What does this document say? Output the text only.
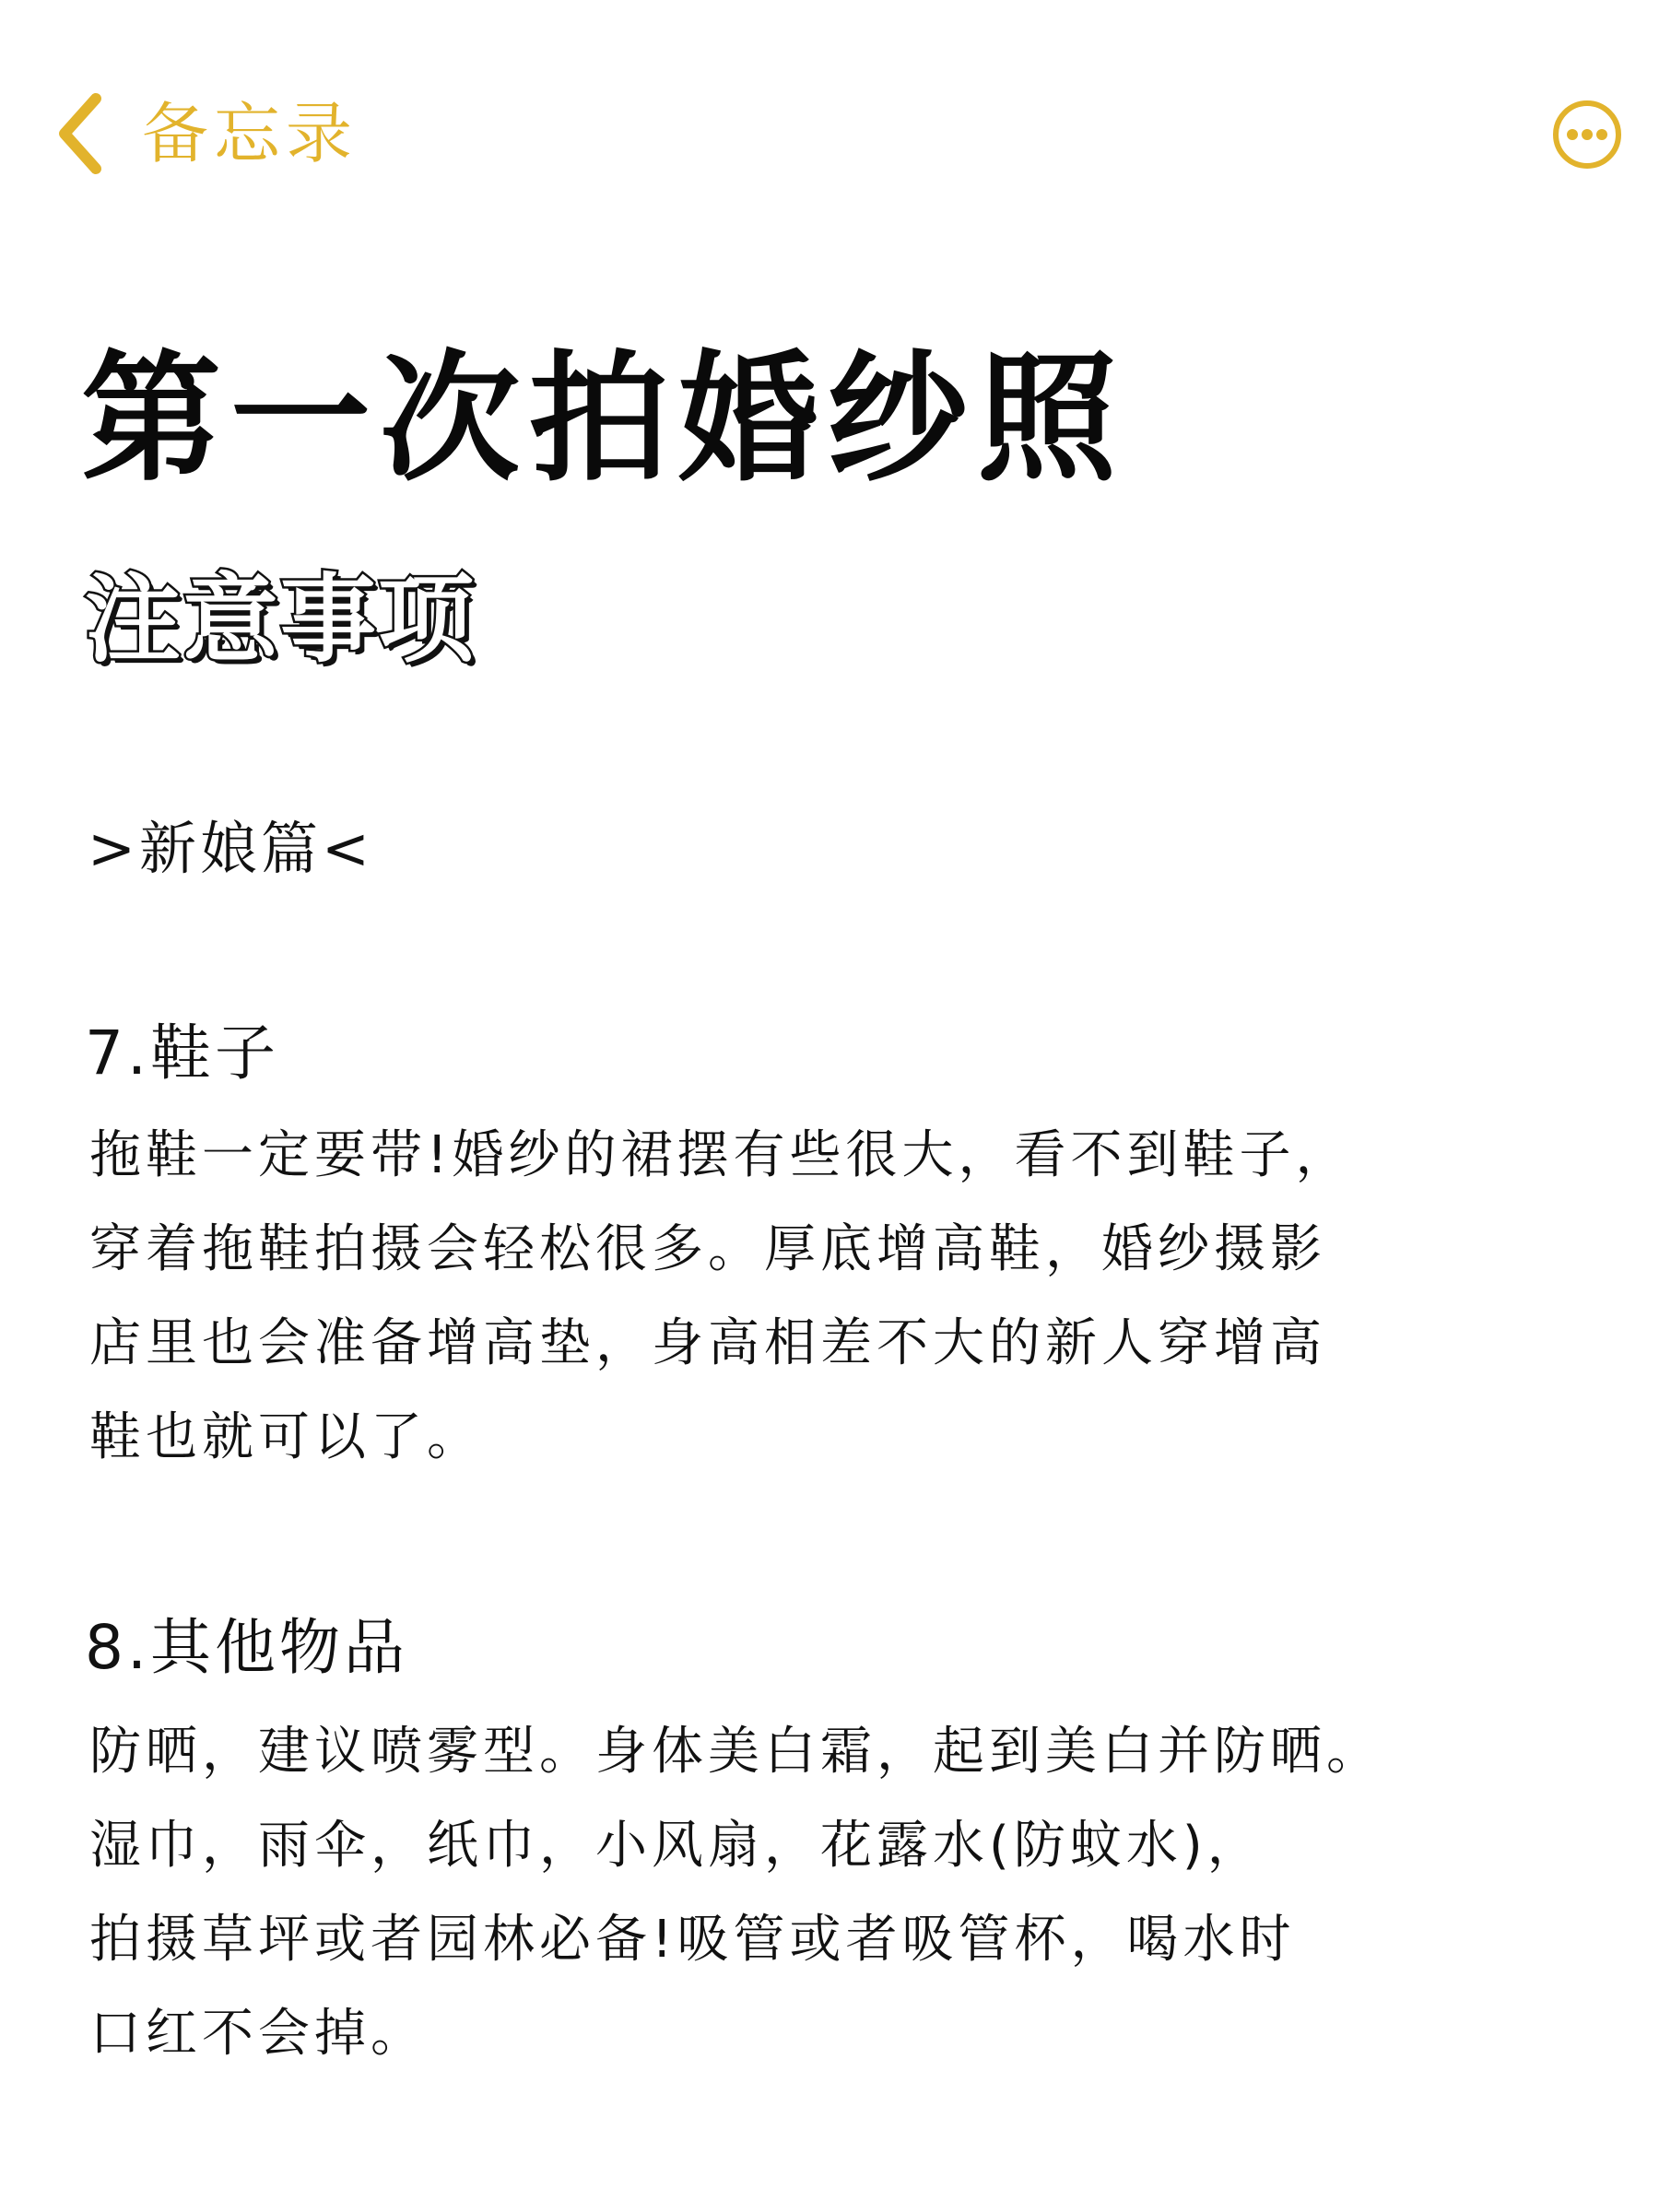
备忘录
第一次拍婚纱照
注意事项
>新娘篇<
7.鞋子
拖鞋一定要带!婚纱的裙摆有些很大，看不到鞋子，
穿着拖鞋拍摄会轻松很多。厚底增高鞋，婚纱摄影
店里也会准备增高垫，身高相差不大的新人穿增高
鞋也就可以了。
8.其他物品
防晒，建议喷雾型。身体美白霜，起到美白并防晒。
湿巾，雨伞，纸巾，小风扇，花露水(防蚊水)，
拍摄草坪或者园林必备!吸管或者吸管杯，喝水时
口红不会掉。
